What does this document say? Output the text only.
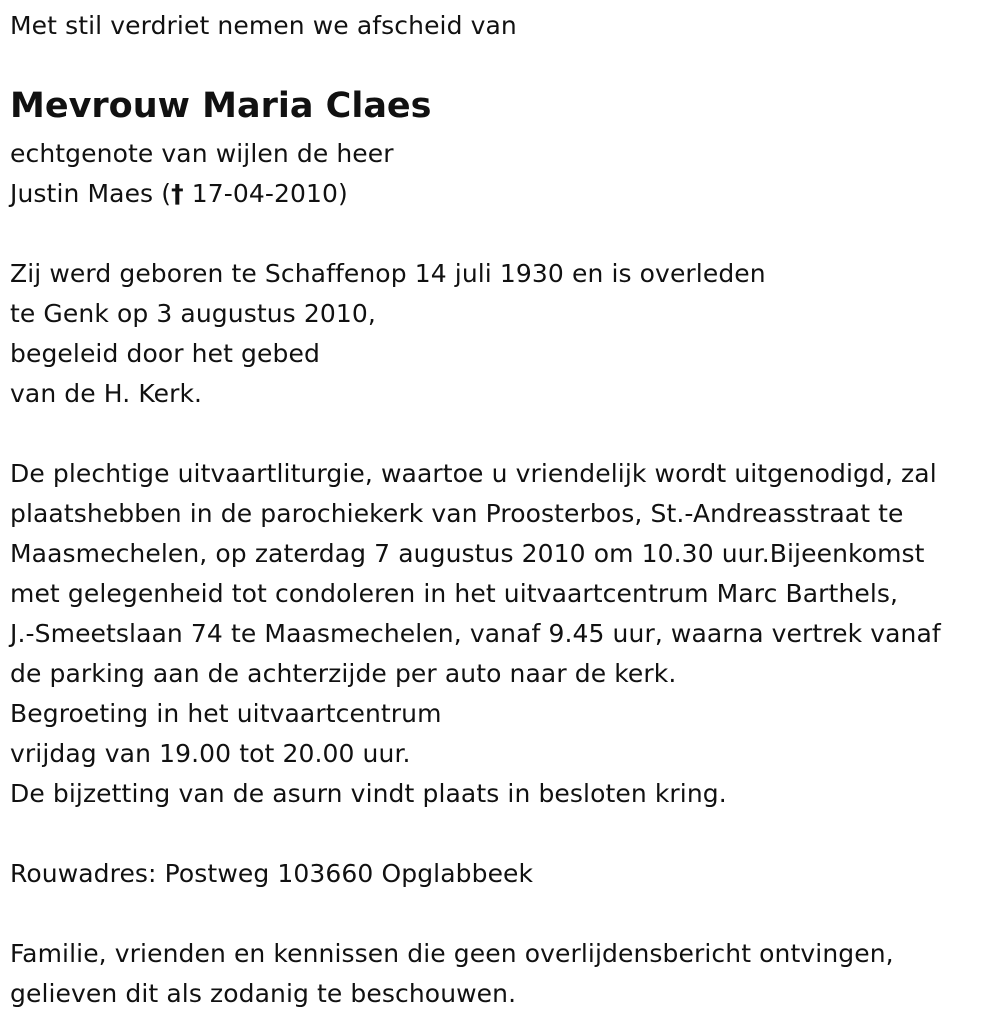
Met stil verdriet nemen we afscheid van
Mevrouw Maria Claes
echtgenote van wijlen de heer
Justin Maes († 17-04-2010)
Zij werd geboren te Schaffenop 14 juli 1930 en is overleden
te Genk op 3 augustus 2010,
begeleid door het gebed
van de H. Kerk.
De plechtige uitvaartliturgie, waartoe u vriendelijk wordt uitgenodigd, zal
plaatshebben in de parochiekerk van Proosterbos, St.-Andreasstraat te
Maasmechelen, op zaterdag 7 augustus 2010 om 10.30 uur.Bijeenkomst
met gelegenheid tot condoleren in het uitvaartcentrum Marc Barthels,
J.-Smeetslaan 74 te Maasmechelen, vanaf 9.45 uur, waarna vertrek vanaf
de parking aan de achterzijde per auto naar de kerk.
Begroeting in het uitvaartcentrum
vrijdag van 19.00 tot 20.00 uur.
De bijzetting van de asurn vindt plaats in besloten kring.
Rouwadres: Postweg 103660 Opglabbeek
Familie, vrienden en kennissen die geen overlijdensbericht ontvingen,
gelieven dit als zodanig te beschouwen.
